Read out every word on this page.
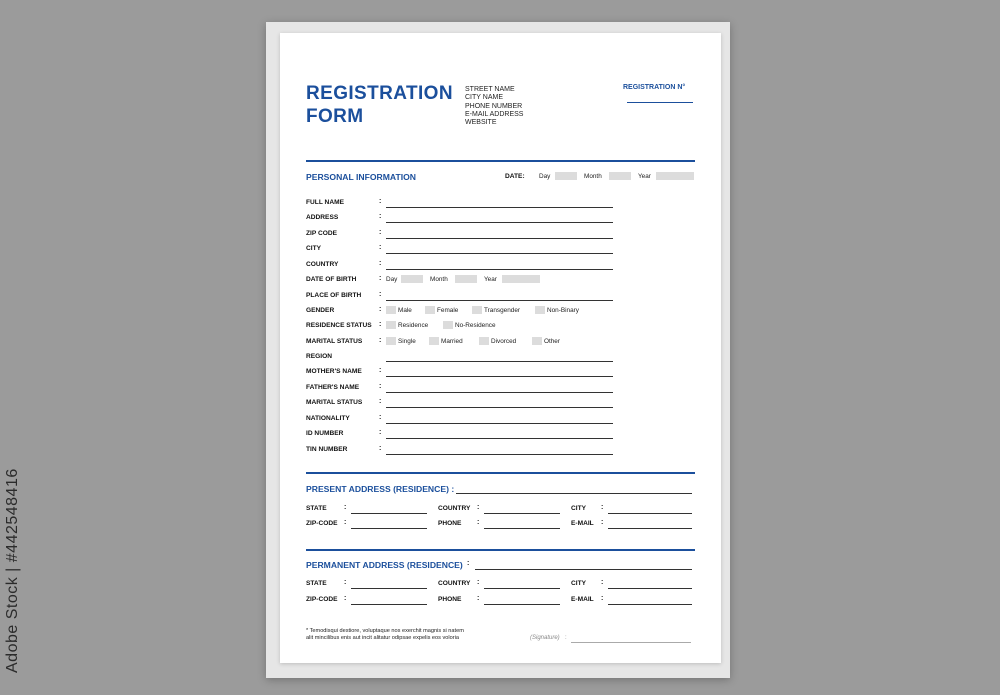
Adobe Stock | #442548416
REGISTRATION
FORM
STREET NAME
CITY NAME
PHONE NUMBER
E-MAIL ADDRESS
WEBSITE
REGISTRATION N°
PERSONAL INFORMATION	DATE: Day	Month	Year
FULL NAME	:
ADDRESS	:
ZIP CODE	:
CITY	:
COUNTRY	:
DATE OF BIRTH	: Day	Month	Year
PLACE OF BIRTH	:
GENDER	:	Male	Female	Transgender	Non-Binary
RESIDENCE STATUS :	Residence	No-Residence
MARITAL STATUS :	Single	Married	Divorced	Other
REGION
MOTHER'S NAME :
FATHER'S NAME	:
MARITAL STATUS :
NATIONALITY	:
ID NUMBER	:
TIN NUMBER	:
PRESENT ADDRESS (RESIDENCE) :
STATE :	COUNTRY :	CITY :
ZIP-CODE :	PHONE :	E-MAIL :
PERMANENT ADDRESS (RESIDENCE) :
STATE :	COUNTRY :	CITY :
ZIP-CODE :	PHONE :	E-MAIL :
* Temodisqui destiore, voluptaque nos exerchit magnis si natem
alit mincilibus enis aut incit alitatur odipsae expelis eos voloria	(Signature) :
